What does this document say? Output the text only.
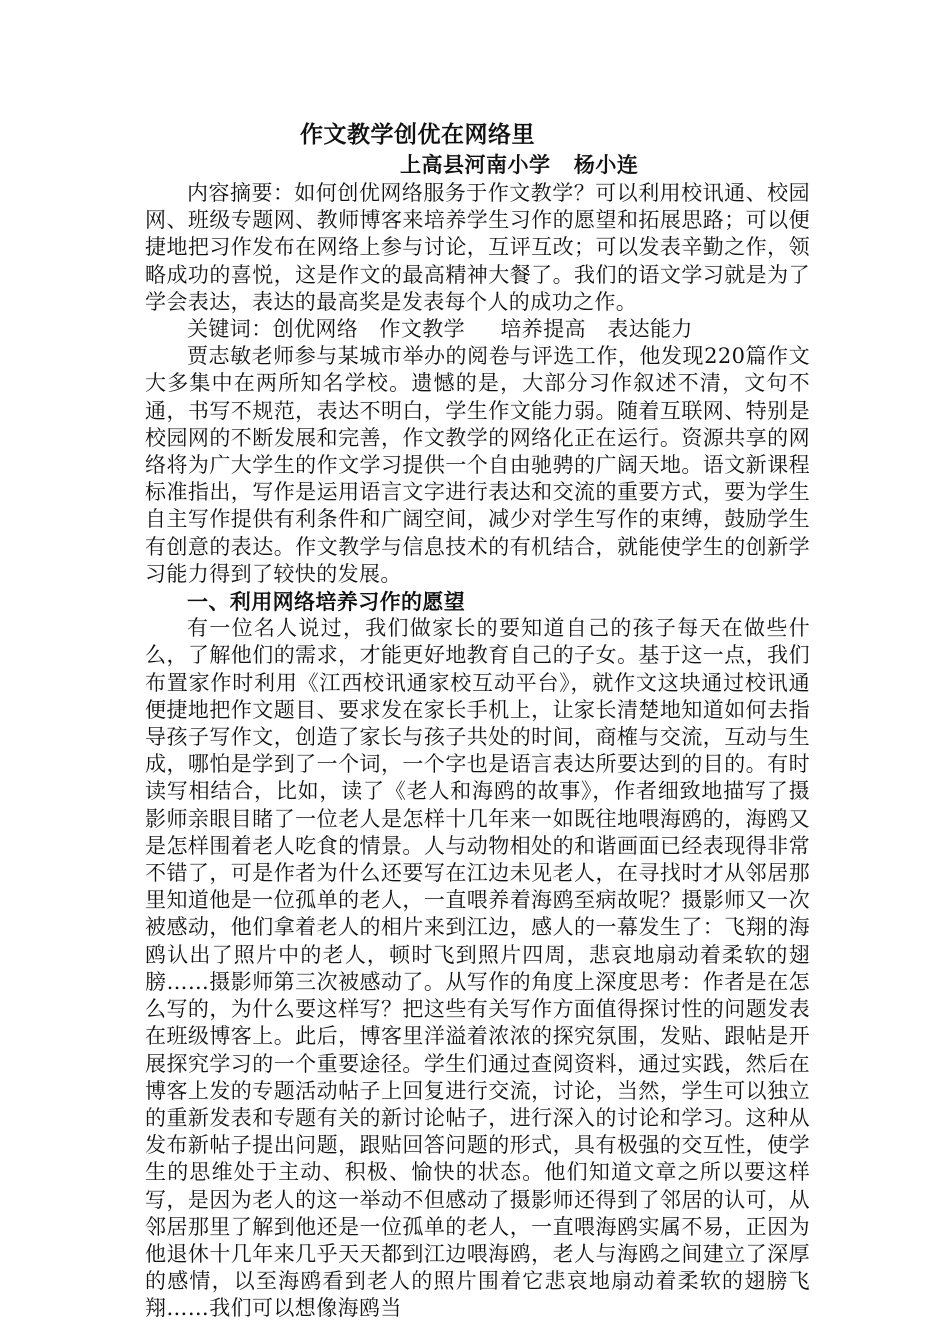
作文教学创优在网络里

上高县河南小学   杨小连

内容摘要：如何创优网络服务于作文教学？可以利用校讯通、校园网、班级专题网、教师博客来培养学生习作的愿望和拓展思路；可以便捷地把习作发布在网络上参与讨论，互评互改；可以发表辛勤之作，领略成功的喜悦，这是作文的最高精神大餐了。我们的语文学习就是为了学会表达，表达的最高奖是发表每个人的成功之作。

关键词：创优网络   作文教学     培养提高   表达能力

贾志敏老师参与某城市举办的阅卷与评选工作，他发现220篇作文大多集中在两所知名学校。遗憾的是，大部分习作叙述不清，文句不通，书写不规范，表达不明白，学生作文能力弱。随着互联网、特别是校园网的不断发展和完善，作文教学的网络化正在运行。资源共享的网络将为广大学生的作文学习提供一个自由驰骋的广阔天地。语文新课程标准指出，写作是运用语言文字进行表达和交流的重要方式，要为学生自主写作提供有利条件和广阔空间，减少对学生写作的束缚，鼓励学生有创意的表达。作文教学与信息技术的有机结合，就能使学生的创新学习能力得到了较快的发展。

一、利用网络培养习作的愿望

有一位名人说过，我们做家长的要知道自己的孩子每天在做些什么，了解他们的需求，才能更好地教育自己的子女。基于这一点，我们布置家作时利用《江西校讯通家校互动平台》，就作文这块通过校讯通便捷地把作文题目、要求发在家长手机上，让家长清楚地知道如何去指导孩子写作文，创造了家长与孩子共处的时间，商榷与交流，互动与生成，哪怕是学到了一个词，一个字也是语言表达所要达到的目的。有时读写相结合，比如，读了《老人和海鸥的故事》，作者细致地描写了摄影师亲眼目睹了一位老人是怎样十几年来一如既往地喂海鸥的，海鸥又是怎样围着老人吃食的情景。人与动物相处的和谐画面已经表现得非常不错了，可是作者为什么还要写在江边未见老人，在寻找时才从邻居那里知道他是一位孤单的老人，一直喂养着海鸥至病故呢？摄影师又一次被感动，他们拿着老人的相片来到江边，感人的一幕发生了：飞翔的海鸥认出了照片中的老人，顿时飞到照片四周，悲哀地扇动着柔软的翅膀……摄影师第三次被感动了。从写作的角度上深度思考：作者是在怎么写的，为什么要这样写？把这些有关写作方面值得探讨性的问题发表在班级博客上。此后，博客里洋溢着浓浓的探究氛围，发贴、跟帖是开展探究学习的一个重要途径。学生们通过查阅资料，通过实践，然后在博客上发的专题活动帖子上回复进行交流，讨论，当然，学生可以独立的重新发表和专题有关的新讨论帖子，进行深入的讨论和学习。这种从发布新帖子提出问题，跟贴回答问题的形式，具有极强的交互性，使学生的思维处于主动、积极、愉快的状态。他们知道文章之所以要这样写，是因为老人的这一举动不但感动了摄影师还得到了邻居的认可，从邻居那里了解到他还是一位孤单的老人，一直喂海鸥实属不易，正因为他退休十几年来几乎天天都到江边喂海鸥，老人与海鸥之间建立了深厚的感情，以至海鸥看到老人的照片围着它悲哀地扇动着柔软的翅膀飞翔……我们可以想像海鸥当
